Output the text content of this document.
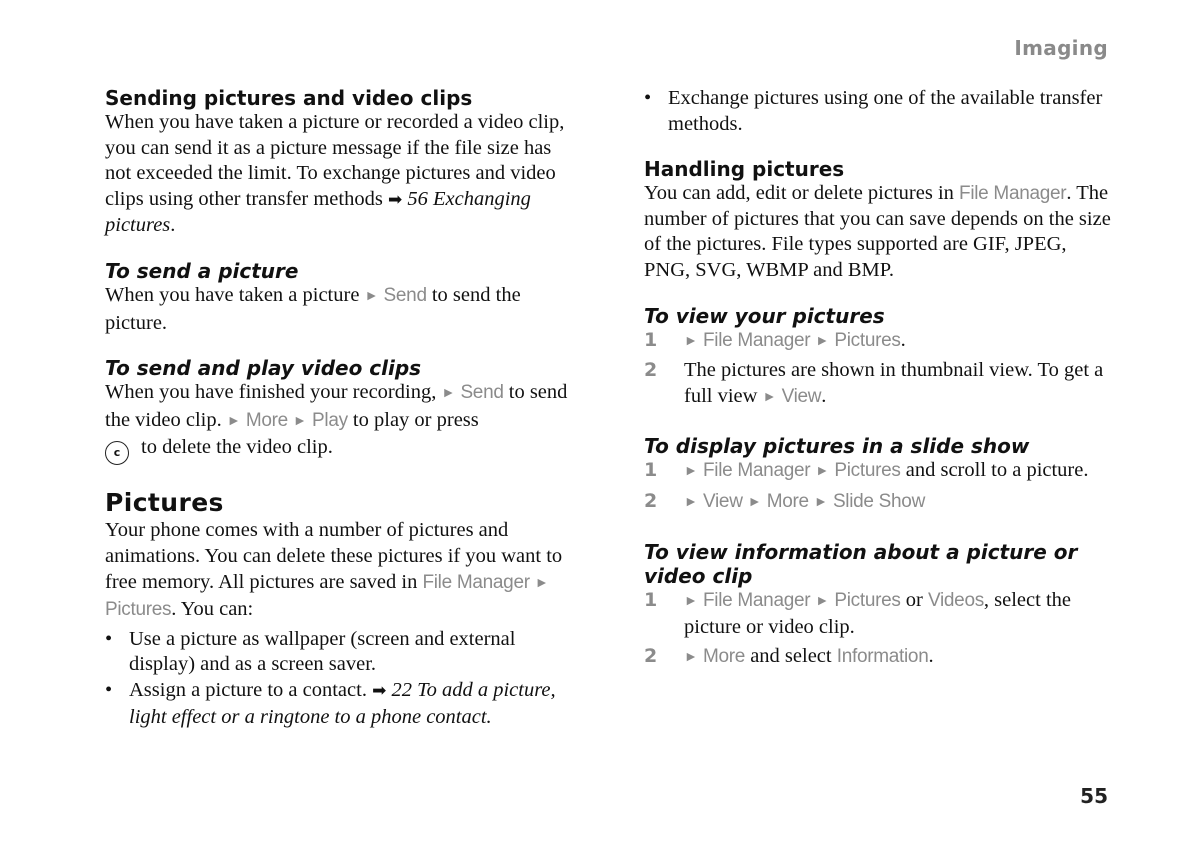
Imaging
Sending pictures and video clips

When you have taken a picture or recorded a video clip, you can send it as a picture message if the file size has not exceeded the limit. To exchange pictures and video clips using other transfer methods ➡ 56 Exchanging pictures.

To send a picture

When you have taken a picture ► Send to send the picture.

To send and play video clips

When you have finished your recording, ► Send to send the video clip. ► More ► Play to play or press
c to delete the video clip.

Pictures

Your phone comes with a number of pictures and animations. You can delete these pictures if you want to free memory. All pictures are saved in File Manager ► Pictures. You can:

• Use a picture as wallpaper (screen and external display) and as a screen saver.
• Assign a picture to a contact. ➡ 22 To add a picture, light effect or a ringtone to a phone contact.
• Exchange pictures using one of the available transfer methods.
Handling pictures

You can add, edit or delete pictures in File Manager. The number of pictures that you can save depends on the size of the pictures. File types supported are GIF, JPEG, PNG, SVG, WBMP and BMP.

To view your pictures
1 ► File Manager ► Pictures.
2 The pictures are shown in thumbnail view. To get a full view ► View.
To display pictures in a slide show
1 ► File Manager ► Pictures and scroll to a picture.
2 ► View ► More ► Slide Show
To view information about a picture or video clip
1 ► File Manager ► Pictures or Videos, select the picture or video clip.
2 ► More and select Information.
55
